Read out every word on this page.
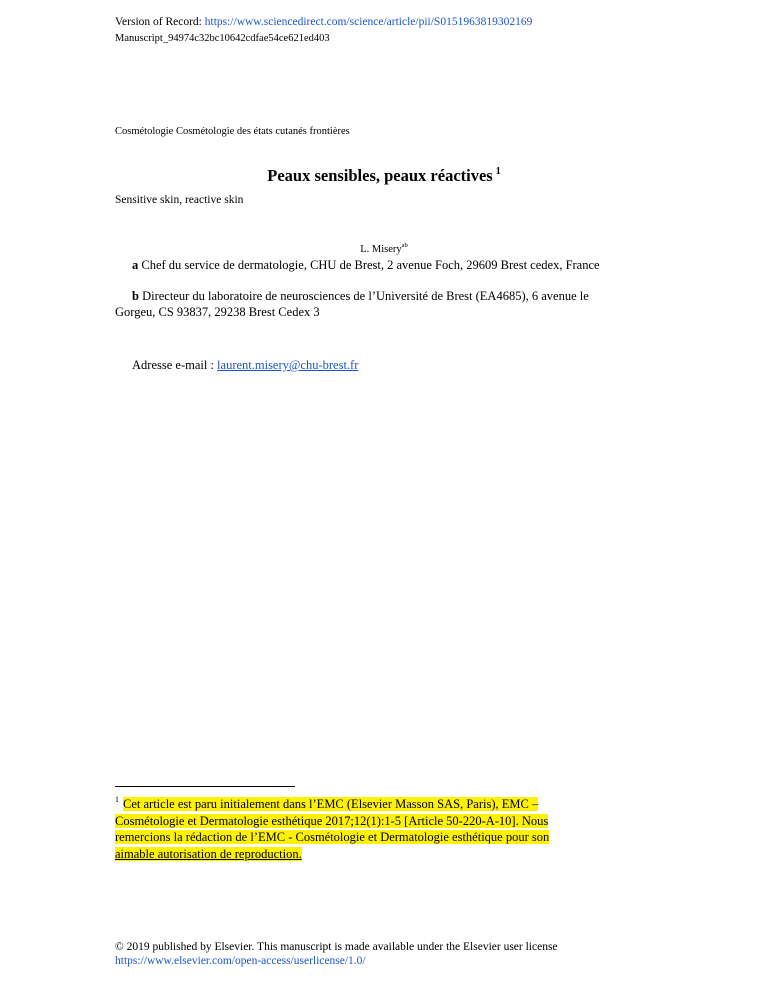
Version of Record: https://www.sciencedirect.com/science/article/pii/S0151963819302169
Manuscript_94974c32bc10642cdfae54ce621ed403
Cosmétologie Cosmétologie des états cutanés frontières
Peaux sensibles, peaux réactives $^1$
Sensitive skin, reactive skin
L. Misery$^{ab}$
a Chef du service de dermatologie, CHU de Brest, 2 avenue Foch, 29609 Brest cedex, France
b Directeur du laboratoire de neurosciences de l’Université de Brest (EA4685), 6 avenue le
Gorgeu, CS 93837, 29238 Brest Cedex 3
Adresse e-mail : laurent.misery@chu-brest.fr
1 Cet article est paru initialement dans l’EMC (Elsevier Masson SAS, Paris), EMC –
Cosmétologie et Dermatologie esthétique 2017;12(1):1-5 [Article 50-220-A-10]. Nous
remercions la rédaction de l’EMC - Cosmétologie et Dermatologie esthétique pour son
aimable autorisation de reproduction.
© 2019 published by Elsevier. This manuscript is made available under the Elsevier user license
https://www.elsevier.com/open-access/userlicense/1.0/
